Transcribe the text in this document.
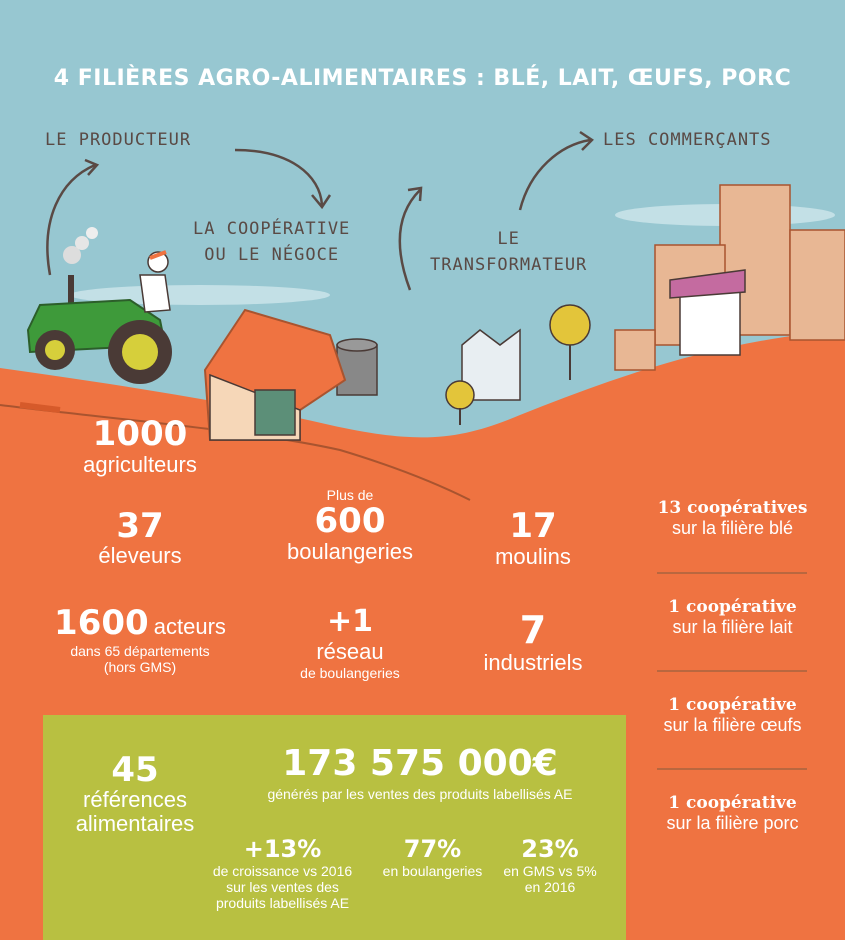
4 FILIÈRES AGRO-ALIMENTAIRES : BLÉ, LAIT, ŒUFS, PORC
LE PRODUCTEUR
LA COOPÉRATIVE
OU LE NÉGOCE
LE
TRANSFORMATEUR
LES COMMERÇANTS
1000
agriculteurs
37
éleveurs
1600 acteurs
dans 65 départements
(hors GMS)
Plus de
600
boulangeries
+1
réseau
de boulangeries
17
moulins
7
industriels
13 coopératives
sur la filière blé
1 coopérative
sur la filière lait
1 coopérative
sur la filière œufs
1 coopérative
sur la filière porc
45
références
alimentaires
173 575 000€
générés par les ventes des produits labellisés AE
+13%
de croissance vs 2016
sur les ventes des
produits labellisés AE
77%
en boulangeries
23%
en GMS vs 5%
en 2016
